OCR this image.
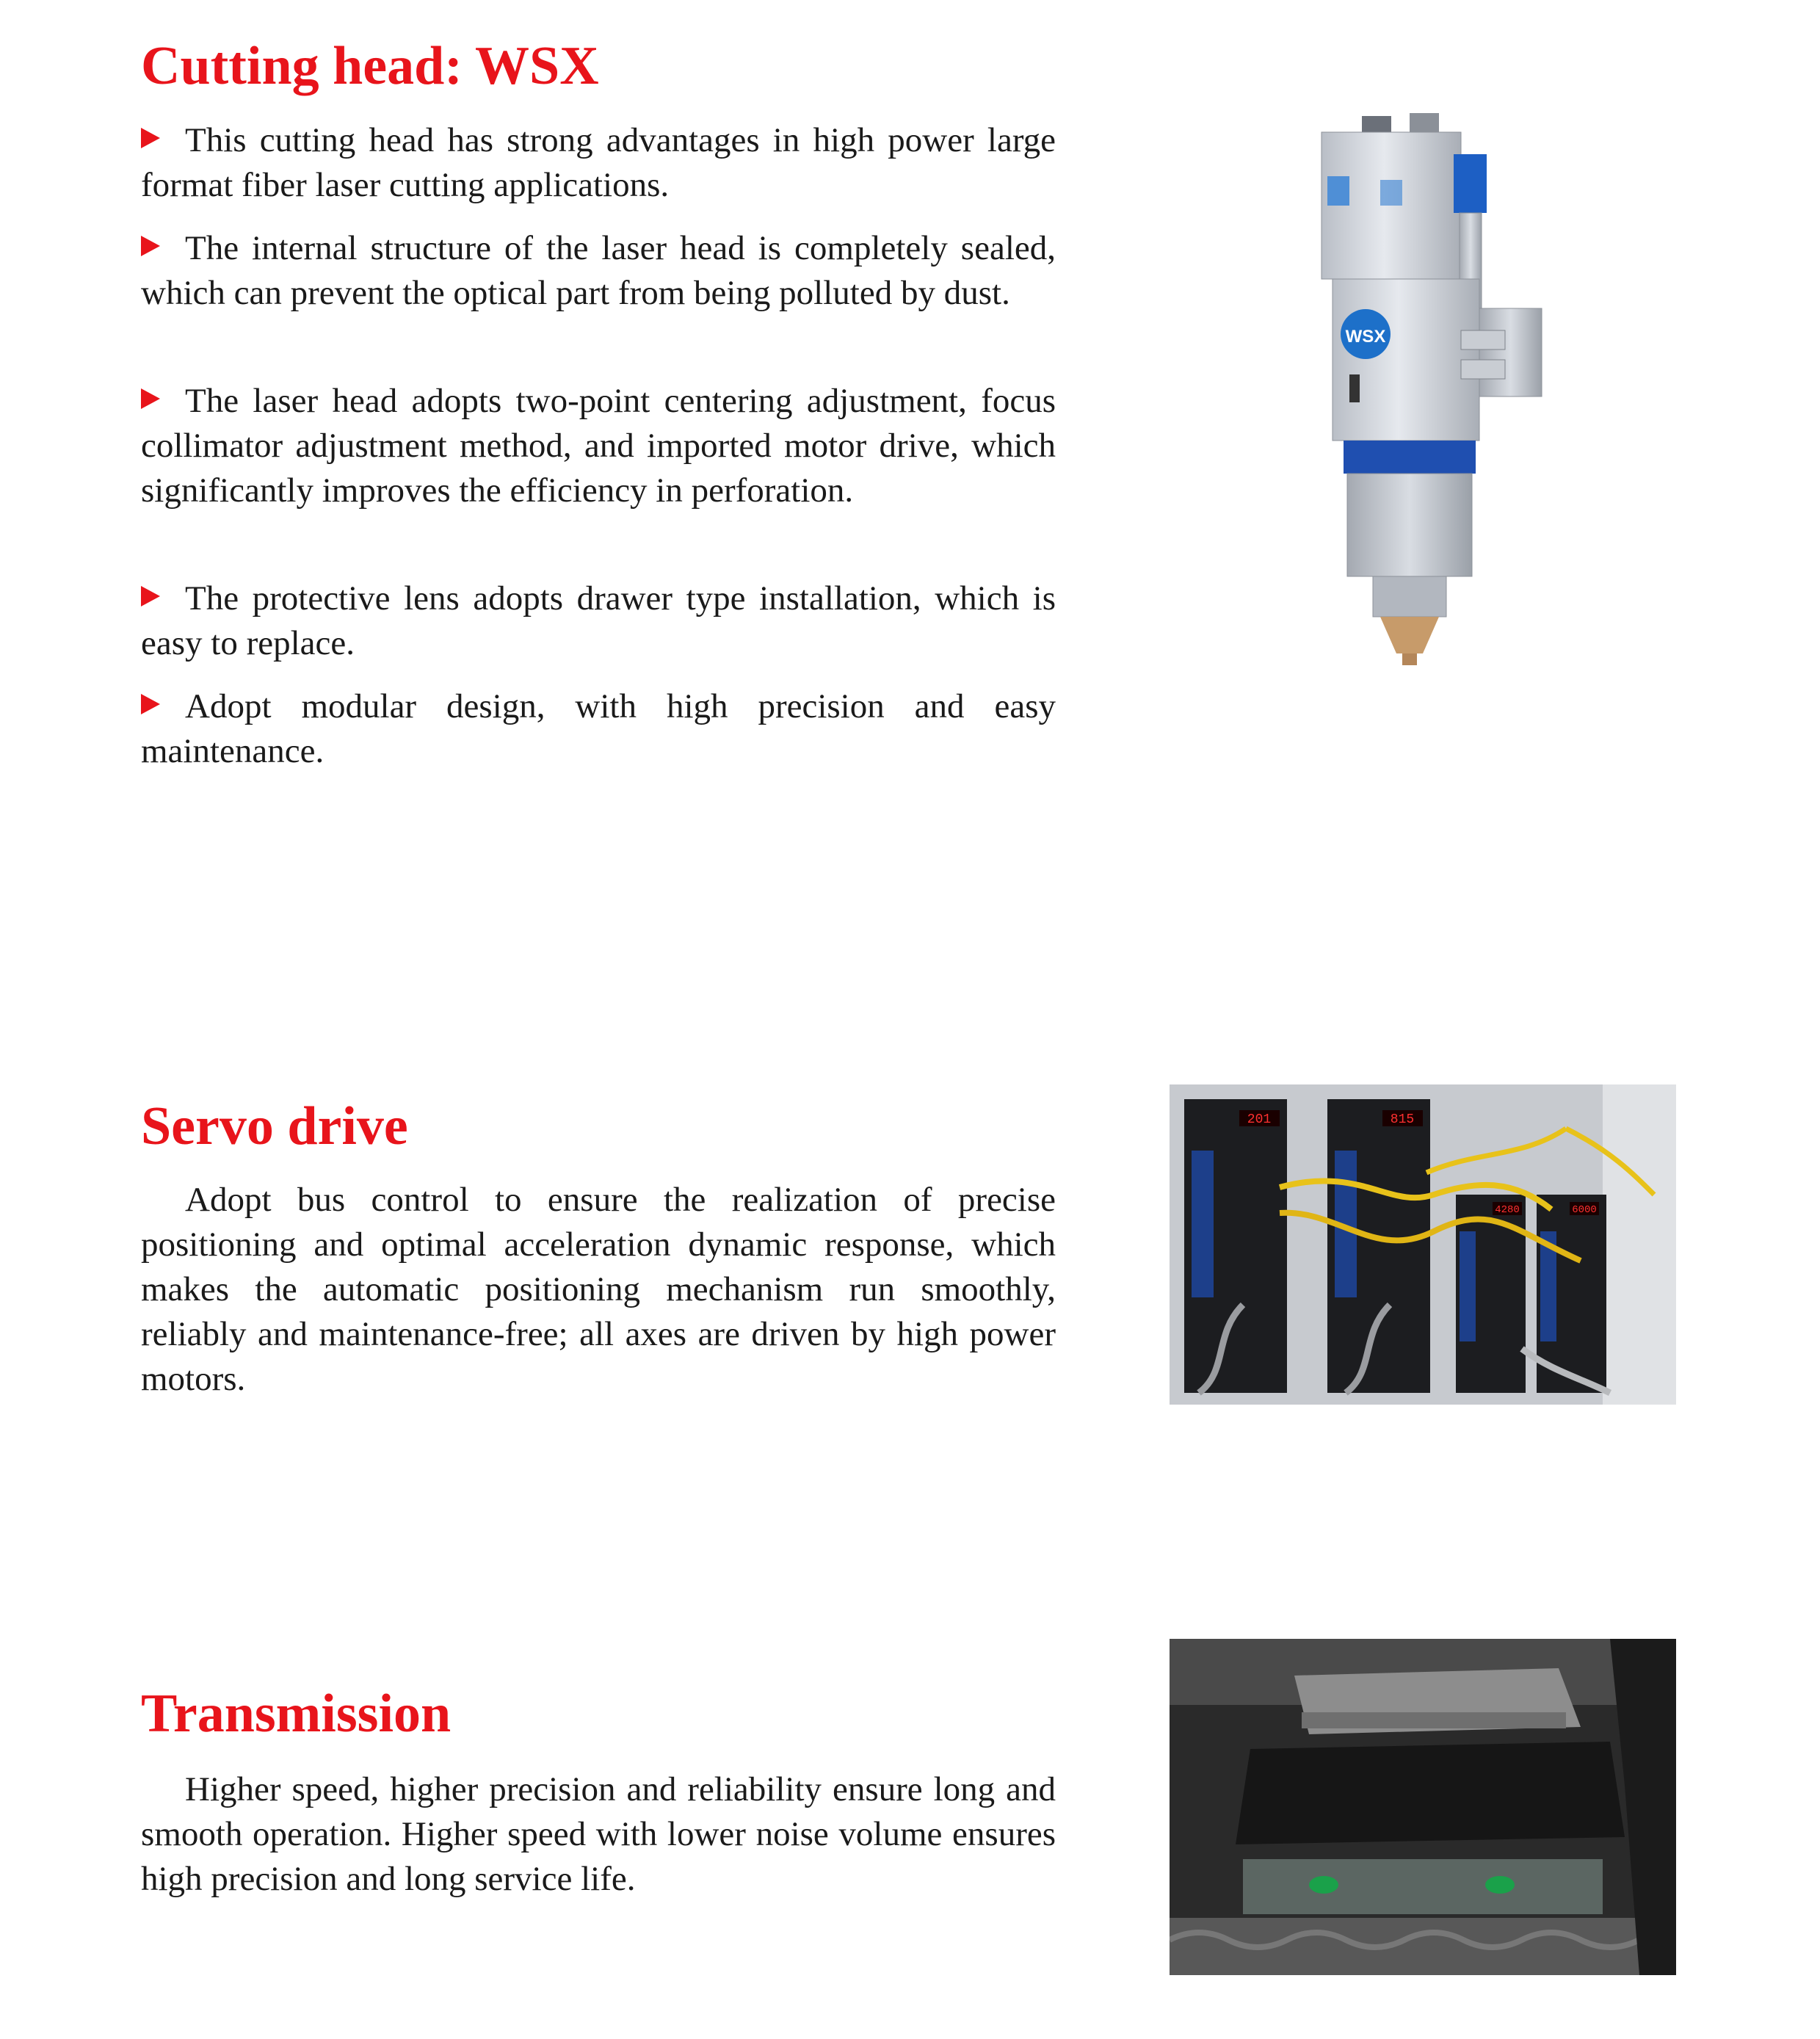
Cutting head: WSX

This cutting head has strong advantages in high power large format fiber laser cutting applications.

The internal structure of the laser head is completely sealed, which can prevent the optical part from being polluted by dust.

The laser head adopts two-point centering adjustment, focus collimator adjustment method, and imported motor drive, which significantly improves the efficiency in perforation.

The protective lens adopts drawer type installation, which is easy to replace.

Adopt modular design, with high precision and easy maintenance.

WSX
Servo drive

Adopt bus control to ensure the realization of precise positioning and optimal acceleration dynamic response, which makes the automatic positioning mechanism run smoothly, reliably and maintenance-free; all axes are driven by high power motors.

201	815
4280	6000
Transmission

Higher speed, higher precision and reliability ensure long and smooth operation. Higher speed with lower noise volume ensures high precision and long service life.
